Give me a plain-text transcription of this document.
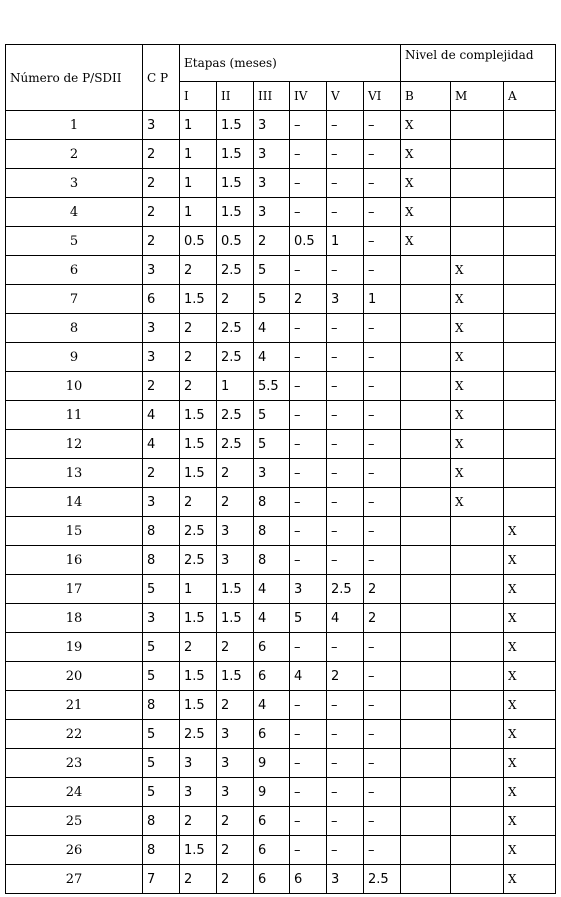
Número de P/SDII	C P	Etapas (meses)						Nivel de complejidad		
		I	II	III	IV	V	VI	B	M	A
1	3	1	1.5	3	–	–	–	X		
2	2	1	1.5	3	–	–	–	X		
3	2	1	1.5	3	–	–	–	X		
4	2	1	1.5	3	–	–	–	X		
5	2	0.5	0.5	2	0.5	1	–	X		
6	3	2	2.5	5	–	–	–		X	
7	6	1.5	2	5	2	3	1		X	
8	3	2	2.5	4	–	–	–		X	
9	3	2	2.5	4	–	–	–		X	
10	2	2	1	5.5	–	–	–		X	
11	4	1.5	2.5	5	–	–	–		X	
12	4	1.5	2.5	5	–	–	–		X	
13	2	1.5	2	3	–	–	–		X	
14	3	2	2	8	–	–	–		X	
15	8	2.5	3	8	–	–	–			X
16	8	2.5	3	8	–	–	–			X
17	5	1	1.5	4	3	2.5	2			X
18	3	1.5	1.5	4	5	4	2			X
19	5	2	2	6	–	–	–			X
20	5	1.5	1.5	6	4	2	–			X
21	8	1.5	2	4	–	–	–			X
22	5	2.5	3	6	–	–	–			X
23	5	3	3	9	–	–	–			X
24	5	3	3	9	–	–	–			X
25	8	2	2	6	–	–	–			X
26	8	1.5	2	6	–	–	–			X
27	7	2	2	6	6	3	2.5			X
